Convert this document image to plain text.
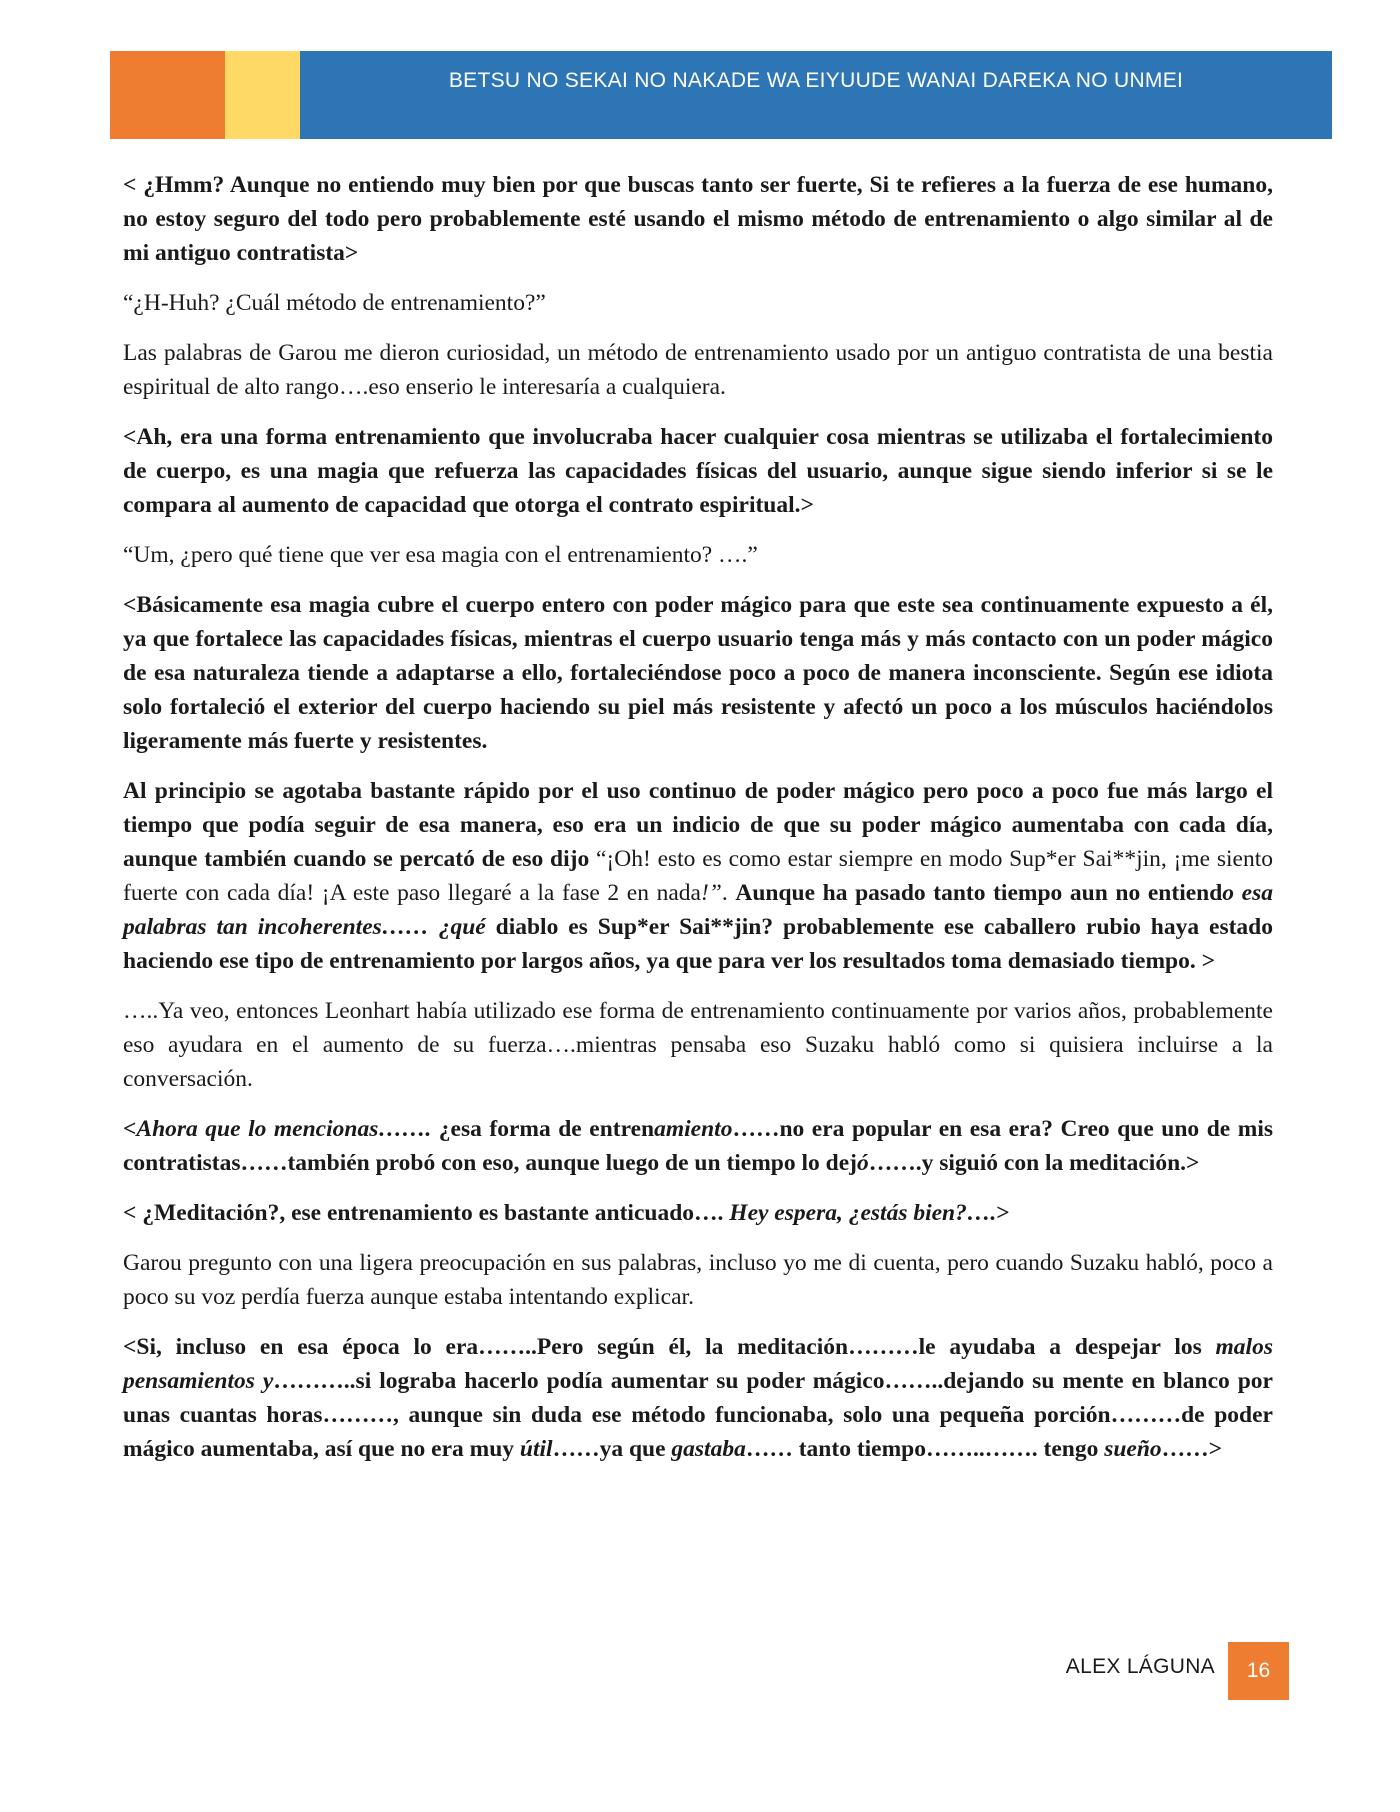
BETSU NO SEKAI NO NAKADE WA EIYUUDE WANAI DAREKA NO UNMEI

< ¿Hmm? Aunque no entiendo muy bien por que buscas tanto ser fuerte, Si te refieres a la fuerza de ese humano, no estoy seguro del todo pero probablemente esté usando el mismo método de entrenamiento o algo similar al de mi antiguo contratista>

“¿H-Huh? ¿Cuál método de entrenamiento?”

Las palabras de Garou me dieron curiosidad, un método de entrenamiento usado por un antiguo contratista de una bestia espiritual de alto rango….eso enserio le interesaría a cualquiera.

<Ah, era una forma entrenamiento que involucraba hacer cualquier cosa mientras se utilizaba el fortalecimiento de cuerpo, es una magia que refuerza las capacidades físicas del usuario, aunque sigue siendo inferior si se le compara al aumento de capacidad que otorga el contrato espiritual.>

“Um, ¿pero qué tiene que ver esa magia con el entrenamiento? ….”

<Básicamente esa magia cubre el cuerpo entero con poder mágico para que este sea continuamente expuesto a él, ya que fortalece las capacidades físicas, mientras el cuerpo usuario tenga más y más contacto con un poder mágico de esa naturaleza tiende a adaptarse a ello, fortaleciéndose poco a poco de manera inconsciente. Según ese idiota solo fortaleció el exterior del cuerpo haciendo su piel más resistente y afectó un poco a los músculos haciéndolos ligeramente más fuerte y resistentes.

Al principio se agotaba bastante rápido por el uso continuo de poder mágico pero poco a poco fue más largo el tiempo que podía seguir de esa manera, eso era un indicio de que su poder mágico aumentaba con cada día, aunque también cuando se percató de eso dijo “¡Oh! esto es como estar siempre en modo Sup*er Sai**jin, ¡me siento fuerte con cada día! ¡A este paso llegaré a la fase 2 en nada!”. Aunque ha pasado tanto tiempo aun no entiendo esa palabras tan incoherentes…… ¿qué diablo es Sup*er Sai**jin? probablemente ese caballero rubio haya estado haciendo ese tipo de entrenamiento por largos años, ya que para ver los resultados toma demasiado tiempo. >

…..Ya veo, entonces Leonhart había utilizado ese forma de entrenamiento continuamente por varios años, probablemente eso ayudara en el aumento de su fuerza….mientras pensaba eso Suzaku habló como si quisiera incluirse a la conversación.

<Ahora que lo mencionas……. ¿esa forma de entrenamiento……no era popular en esa era? Creo que uno de mis contratistas……también probó con eso, aunque luego de un tiempo lo dejó…….y siguió con la meditación.>

< ¿Meditación?, ese entrenamiento es bastante anticuado…. Hey espera, ¿estás bien?….>

Garou pregunto con una ligera preocupación en sus palabras, incluso yo me di cuenta, pero cuando Suzaku habló, poco a poco su voz perdía fuerza aunque estaba intentando explicar.

<Si, incluso en esa época lo era……..Pero según él, la meditación………le ayudaba a despejar los malos pensamientos y………..si lograba hacerlo podía aumentar su poder mágico……..dejando su mente en blanco por unas cuantas horas………, aunque sin duda ese método funcionaba, solo una pequeña porción………de poder mágico aumentaba, así que no era muy útil……ya que gastaba…… tanto tiempo……..……. tengo sueño……>

ALEX LÁGUNA 16
